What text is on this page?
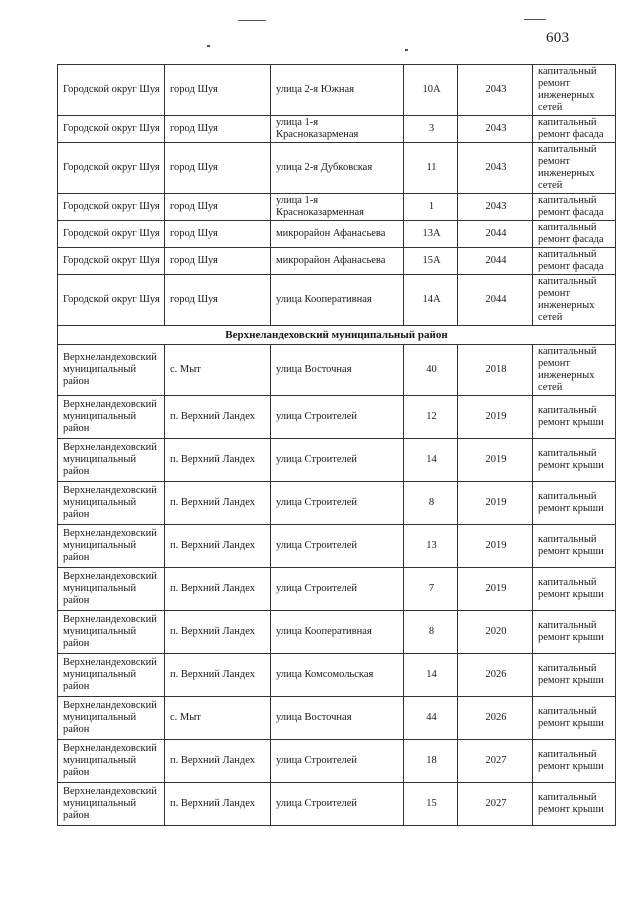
603
Городской округ Шуя	город Шуя	улица 2-я Южная	10А	2043	капитальный ремонт инженерных сетей
Городской округ Шуя	город Шуя	улица 1-я Красноказарменая	3	2043	капитальный ремонт фасада
Городской округ Шуя	город Шуя	улица 2-я Дубковская	11	2043	капитальный ремонт инженерных сетей
Городской округ Шуя	город Шуя	улица 1-я Красноказарменная	1	2043	капитальный ремонт фасада
Городской округ Шуя	город Шуя	микрорайон Афанасьева	13А	2044	капитальный ремонт фасада
Городской округ Шуя	город Шуя	микрорайон Афанасьева	15А	2044	капитальный ремонт фасада
Городской округ Шуя	город Шуя	улица Кооперативная	14А	2044	капитальный ремонт инженерных сетей
Верхнеландеховский муниципальный район					
Верхнеландеховский муниципальный район	с. Мыт	улица Восточная	40	2018	капитальный ремонт инженерных сетей
Верхнеландеховский муниципальный район	п. Верхний Ландех	улица Строителей	12	2019	капитальный ремонт крыши
Верхнеландеховский муниципальный район	п. Верхний Ландех	улица Строителей	14	2019	капитальный ремонт крыши
Верхнеландеховский муниципальный район	п. Верхний Ландех	улица Строителей	8	2019	капитальный ремонт крыши
Верхнеландеховский муниципальный район	п. Верхний Ландех	улица Строителей	13	2019	капитальный ремонт крыши
Верхнеландеховский муниципальный район	п. Верхний Ландех	улица Строителей	7	2019	капитальный ремонт крыши
Верхнеландеховский муниципальный район	п. Верхний Ландех	улица Кооперативная	8	2020	капитальный ремонт крыши
Верхнеландеховский муниципальный район	п. Верхний Ландех	улица Комсомольская	14	2026	капитальный ремонт крыши
Верхнеландеховский муниципальный район	с. Мыт	улица Восточная	44	2026	капитальный ремонт крыши
Верхнеландеховский муниципальный район	п. Верхний Ландех	улица Строителей	18	2027	капитальный ремонт крыши
Верхнеландеховский муниципальный район	п. Верхний Ландех	улица Строителей	15	2027	капитальный ремонт крыши
